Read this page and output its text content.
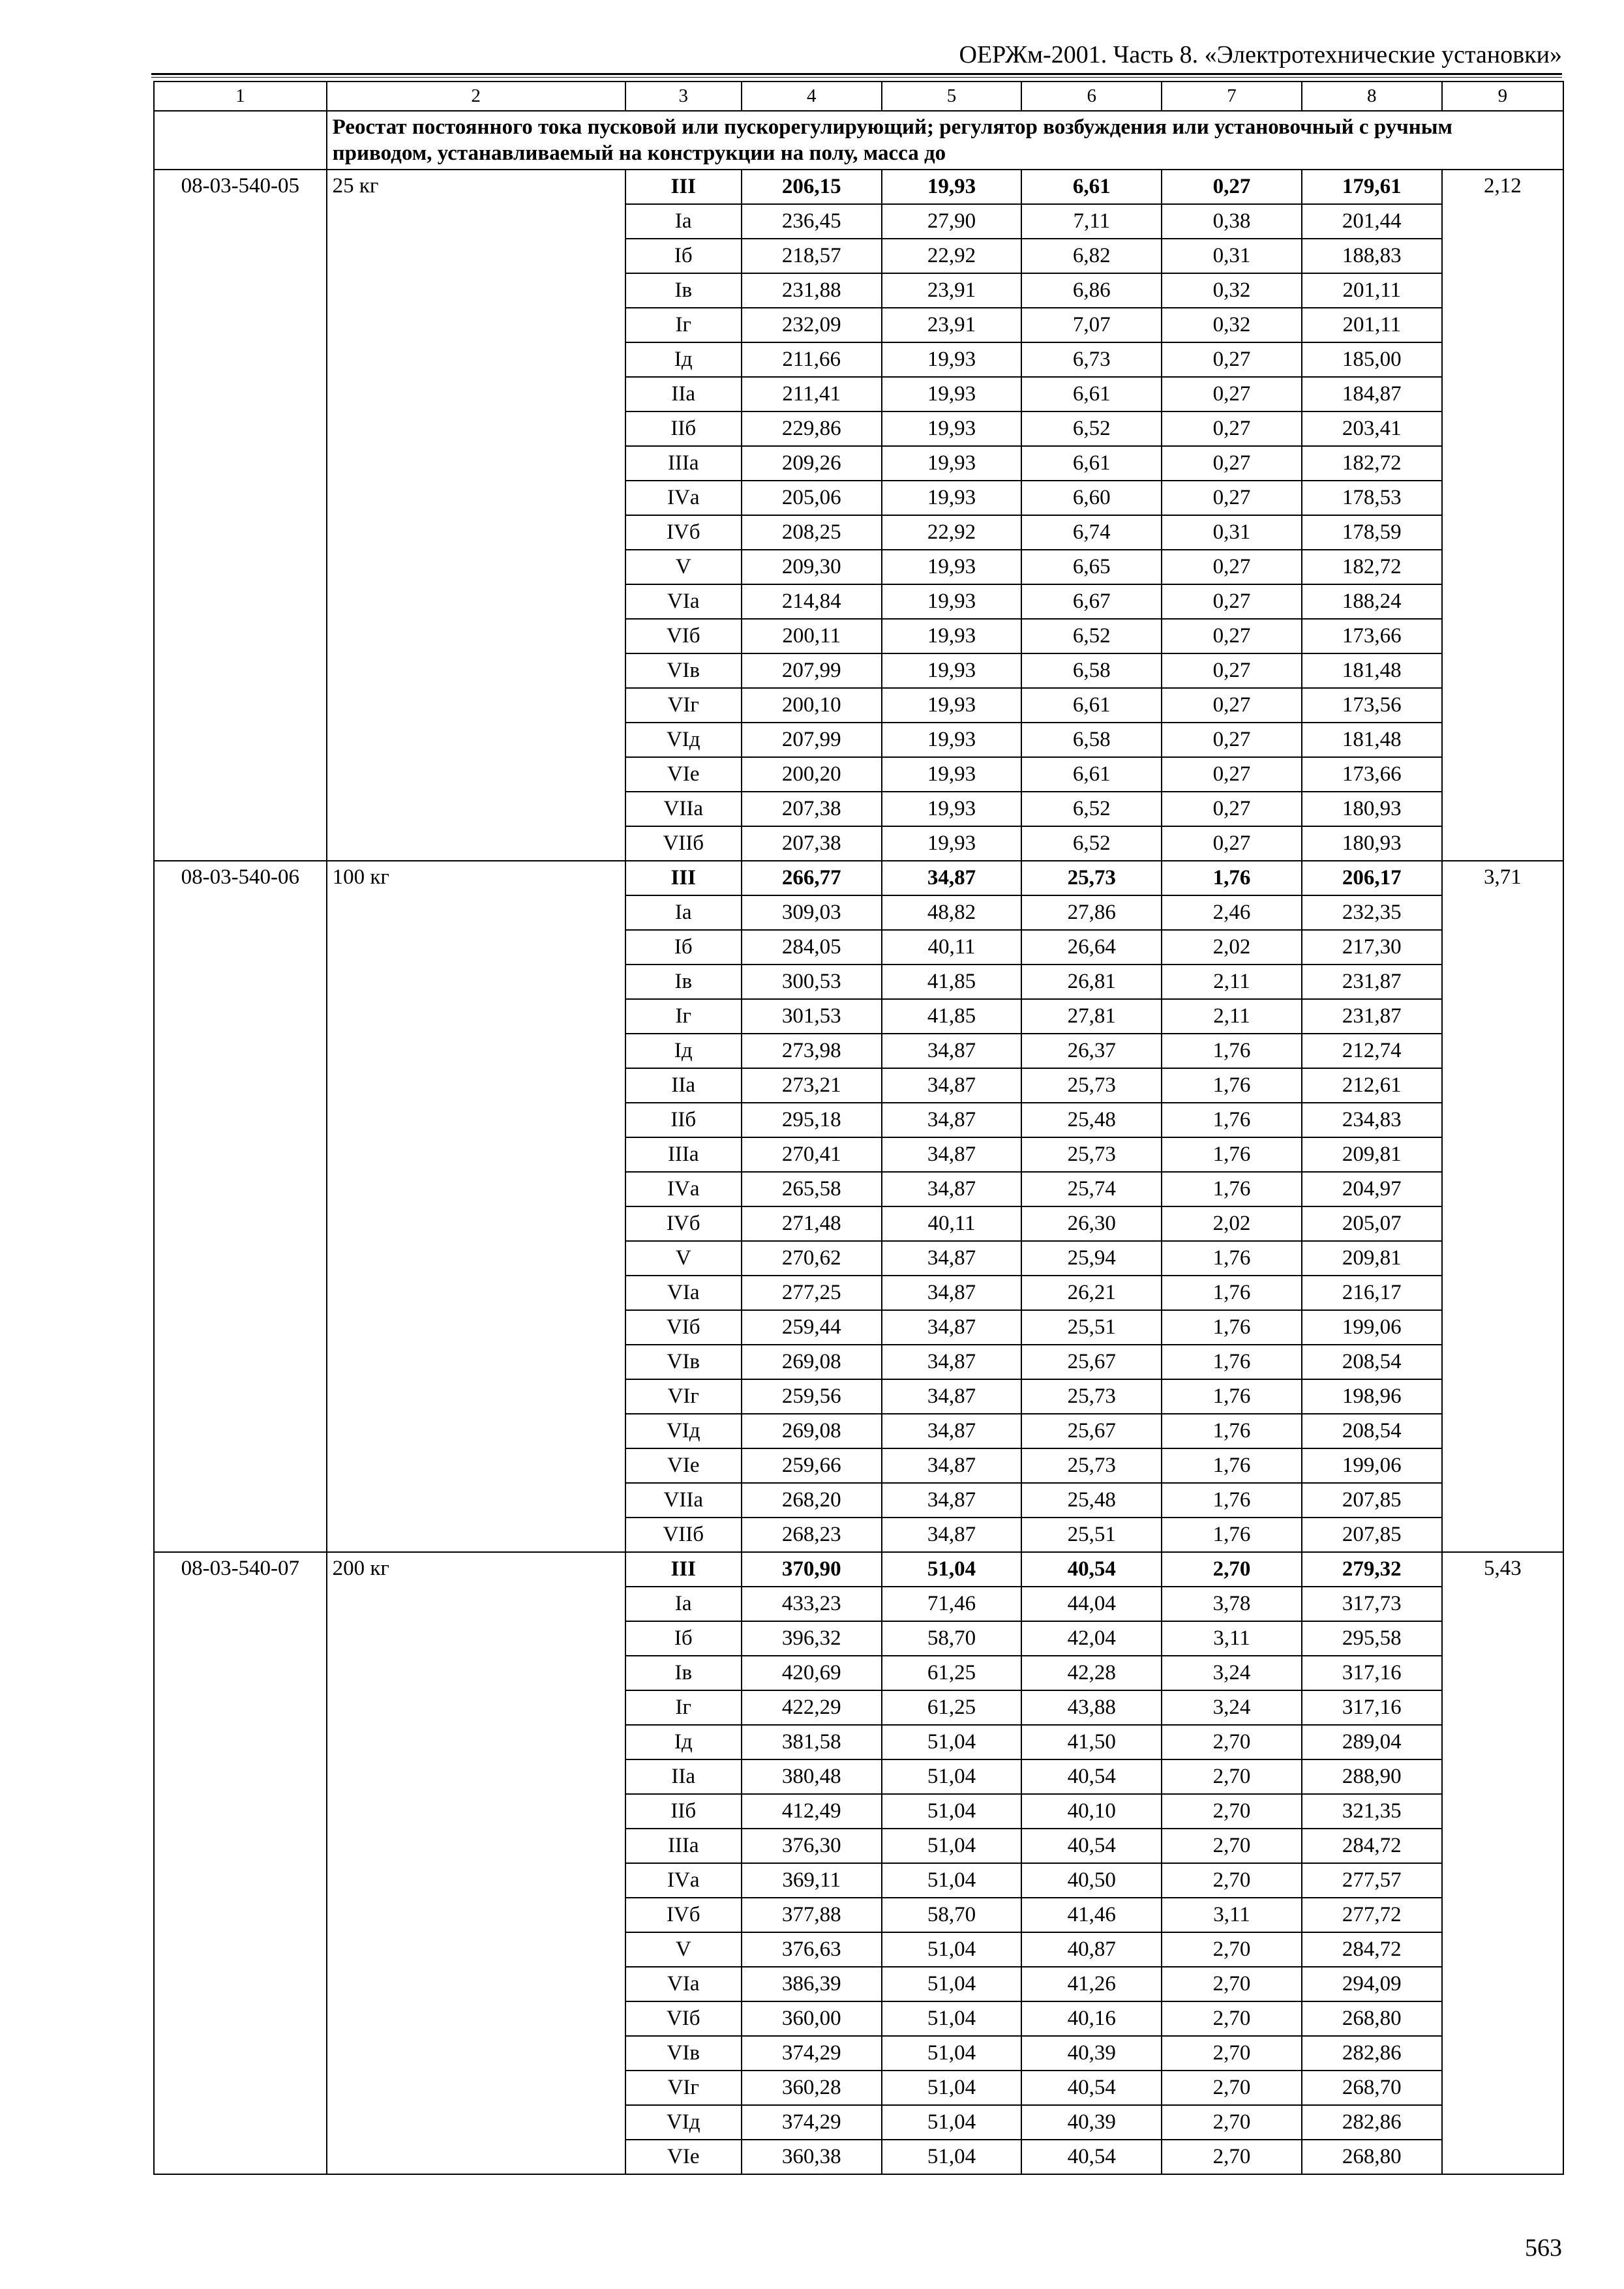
ОЕРЖм-2001. Часть 8. «Электротехнические установки»
1	2	3	4	5	6	7	8	9
	Реостат постоянного тока пусковой или пускорегулирующий; регулятор возбуждения или установочный с ручным приводом, устанавливаемый на конструкции на полу, масса до							
08-03-540-05	25 кг	III	206,15	19,93	6,61	0,27	179,61	2,12
		Iа	236,45	27,90	7,11	0,38	201,44	
		Iб	218,57	22,92	6,82	0,31	188,83	
		Iв	231,88	23,91	6,86	0,32	201,11	
		Iг	232,09	23,91	7,07	0,32	201,11	
		Iд	211,66	19,93	6,73	0,27	185,00	
		IIа	211,41	19,93	6,61	0,27	184,87	
		IIб	229,86	19,93	6,52	0,27	203,41	
		IIIа	209,26	19,93	6,61	0,27	182,72	
		IVа	205,06	19,93	6,60	0,27	178,53	
		IVб	208,25	22,92	6,74	0,31	178,59	
		V	209,30	19,93	6,65	0,27	182,72	
		VIа	214,84	19,93	6,67	0,27	188,24	
		VIб	200,11	19,93	6,52	0,27	173,66	
		VIв	207,99	19,93	6,58	0,27	181,48	
		VIг	200,10	19,93	6,61	0,27	173,56	
		VIд	207,99	19,93	6,58	0,27	181,48	
		VIе	200,20	19,93	6,61	0,27	173,66	
		VIIа	207,38	19,93	6,52	0,27	180,93	
		VIIб	207,38	19,93	6,52	0,27	180,93	
08-03-540-06	100 кг	III	266,77	34,87	25,73	1,76	206,17	3,71
		Iа	309,03	48,82	27,86	2,46	232,35	
		Iб	284,05	40,11	26,64	2,02	217,30	
		Iв	300,53	41,85	26,81	2,11	231,87	
		Iг	301,53	41,85	27,81	2,11	231,87	
		Iд	273,98	34,87	26,37	1,76	212,74	
		IIа	273,21	34,87	25,73	1,76	212,61	
		IIб	295,18	34,87	25,48	1,76	234,83	
		IIIа	270,41	34,87	25,73	1,76	209,81	
		IVа	265,58	34,87	25,74	1,76	204,97	
		IVб	271,48	40,11	26,30	2,02	205,07	
		V	270,62	34,87	25,94	1,76	209,81	
		VIа	277,25	34,87	26,21	1,76	216,17	
		VIб	259,44	34,87	25,51	1,76	199,06	
		VIв	269,08	34,87	25,67	1,76	208,54	
		VIг	259,56	34,87	25,73	1,76	198,96	
		VIд	269,08	34,87	25,67	1,76	208,54	
		VIе	259,66	34,87	25,73	1,76	199,06	
		VIIа	268,20	34,87	25,48	1,76	207,85	
		VIIб	268,23	34,87	25,51	1,76	207,85	
08-03-540-07	200 кг	III	370,90	51,04	40,54	2,70	279,32	5,43
		Iа	433,23	71,46	44,04	3,78	317,73	
		Iб	396,32	58,70	42,04	3,11	295,58	
		Iв	420,69	61,25	42,28	3,24	317,16	
		Iг	422,29	61,25	43,88	3,24	317,16	
		Iд	381,58	51,04	41,50	2,70	289,04	
		IIа	380,48	51,04	40,54	2,70	288,90	
		IIб	412,49	51,04	40,10	2,70	321,35	
		IIIа	376,30	51,04	40,54	2,70	284,72	
		IVа	369,11	51,04	40,50	2,70	277,57	
		IVб	377,88	58,70	41,46	3,11	277,72	
		V	376,63	51,04	40,87	2,70	284,72	
		VIа	386,39	51,04	41,26	2,70	294,09	
		VIб	360,00	51,04	40,16	2,70	268,80	
		VIв	374,29	51,04	40,39	2,70	282,86	
		VIг	360,28	51,04	40,54	2,70	268,70	
		VIд	374,29	51,04	40,39	2,70	282,86	
		VIе	360,38	51,04	40,54	2,70	268,80	
563
